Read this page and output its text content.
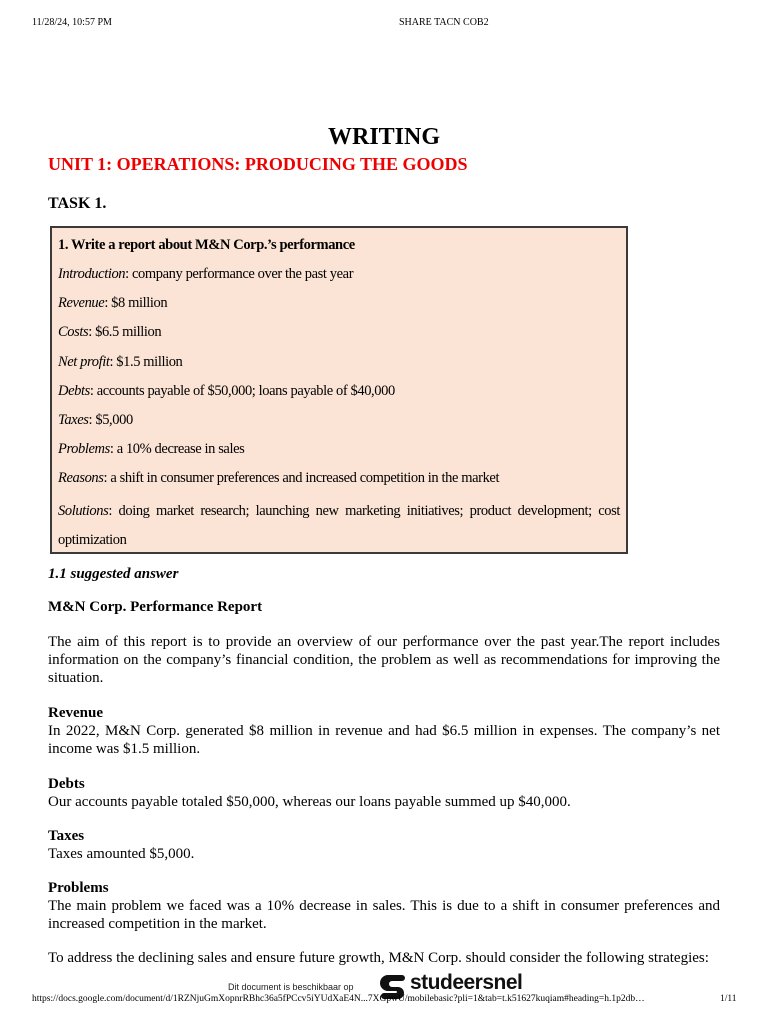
11/28/24, 10:57 PM	SHARE TACN COB2
WRITING
UNIT 1: OPERATIONS: PRODUCING THE GOODS
TASK 1.
1. Write a report about M&N Corp.’s performance
Introduction: company performance over the past year
Revenue: $8 million
Costs: $6.5 million
Net profit: $1.5 million
Debts: accounts payable of $50,000; loans payable of $40,000
Taxes: $5,000
Problems: a 10% decrease in sales
Reasons: a shift in consumer preferences and increased competition in the market
Solutions: doing market research; launching new marketing initiatives; product development; cost optimization
1.1 suggested answer
M&N Corp. Performance Report

The aim of this report is to provide an overview of our performance over the past year.The report includes information on the company’s financial condition, the problem as well as recommendations for improving the situation.

Revenue

In 2022, M&N Corp. generated $8 million in revenue and had $6.5 million in expenses. The company’s net income was $1.5 million.

Debts

Our accounts payable totaled $50,000, whereas our loans payable summed up $40,000.

Taxes

Taxes amounted $5,000.

Problems

The main problem we faced was a 10% decrease in sales. This is due to a shift in consumer preferences and increased competition in the market.

To address the declining sales and ensure future growth, M&N Corp. should consider the following strategies:

Dit document is beschikbaar op	studeersnel
https://docs.google.com/document/d/1RZNjuGmXopnrRBhc36a5fPCcv5iYUdXaE4N...7XGpwU/mobilebasic?pli=1&tab=t.k51627kuqiam#heading=h.1p2db…	1/11
